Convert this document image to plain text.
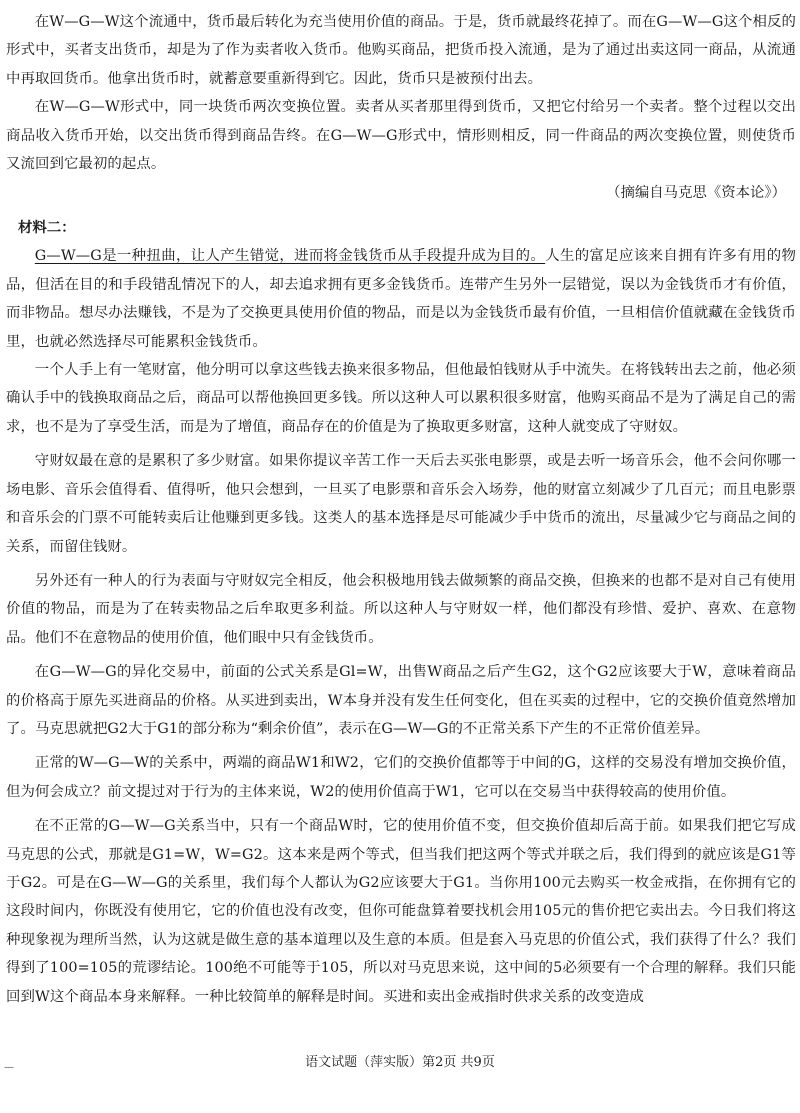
在W—G—W这个流通中，货币最后转化为充当使用价值的商品。于是，货币就最终花掉了。而在G—W—G这个相反的形式中，买者支出货币，却是为了作为卖者收入货币。他购买商品，把货币投入流通，是为了通过出卖这同一商品，从流通中再取回货币。他拿出货币时，就蓄意要重新得到它。因此，货币只是被预付出去。

在W—G—W形式中，同一块货币两次变换位置。卖者从买者那里得到货币，又把它付给另一个卖者。整个过程以交出商品收入货币开始，以交出货币得到商品告终。在G—W—G形式中，情形则相反，同一件商品的两次变换位置，则使货币又流回到它最初的起点。

（摘编自马克思《资本论》）

材料二：

G—W—G是一种扭曲，让人产生错觉，进而将金钱货币从手段提升成为目的。人生的富足应该来自拥有许多有用的物品，但活在目的和手段错乱情况下的人，却去追求拥有更多金钱货币。连带产生另外一层错觉，误以为金钱货币才有价值，而非物品。想尽办法赚钱，不是为了交换更具使用价值的物品，而是以为金钱货币最有价值，一旦相信价值就藏在金钱货币里，也就必然选择尽可能累积金钱货币。

一个人手上有一笔财富，他分明可以拿这些钱去换来很多物品，但他最怕钱财从手中流失。在将钱转出去之前，他必须确认手中的钱换取商品之后，商品可以帮他换回更多钱。所以这种人可以累积很多财富，他购买商品不是为了满足自己的需求，也不是为了享受生活，而是为了增值，商品存在的价值是为了换取更多财富，这种人就变成了守财奴。

守财奴最在意的是累积了多少财富。如果你提议辛苦工作一天后去买张电影票，或是去听一场音乐会，他不会问你哪一场电影、音乐会值得看、值得听，他只会想到，一旦买了电影票和音乐会入场券，他的财富立刻减少了几百元；而且电影票和音乐会的门票不可能转卖后让他赚到更多钱。这类人的基本选择是尽可能减少手中货币的流出，尽量减少它与商品之间的关系，而留住钱财。

另外还有一种人的行为表面与守财奴完全相反，他会积极地用钱去做频繁的商品交换，但换来的也都不是对自己有使用价值的物品，而是为了在转卖物品之后牟取更多利益。所以这种人与守财奴一样，他们都没有珍惜、爱护、喜欢、在意物品。他们不在意物品的使用价值，他们眼中只有金钱货币。

在G—W—G的异化交易中，前面的公式关系是Gl=W，出售W商品之后产生G2，这个G2应该要大于W，意味着商品的价格高于原先买进商品的价格。从买进到卖出，W本身并没有发生任何变化，但在买卖的过程中，它的交换价值竟然增加了。马克思就把G2大于G1的部分称为“剩余价值”，表示在G—W—G的不正常关系下产生的不正常价值差异。

正常的W—G—W的关系中，两端的商品W1和W2，它们的交换价值都等于中间的G，这样的交易没有增加交换价值，但为何会成立？前文提过对于行为的主体来说，W2的使用价值高于W1，它可以在交易当中获得较高的使用价值。

在不正常的G—W—G关系当中，只有一个商品W时，它的使用价值不变，但交换价值却后高于前。如果我们把它写成马克思的公式，那就是G1=W，W=G2。这本来是两个等式，但当我们把这两个等式并联之后，我们得到的就应该是G1等于G2。可是在G—W—G的关系里，我们每个人都认为G2应该要大于G1。当你用100元去购买一枚金戒指，在你拥有它的这段时间内，你既没有使用它，它的价值也没有改变，但你可能盘算着要找机会用105元的售价把它卖出去。今日我们将这种现象视为理所当然，认为这就是做生意的基本道理以及生意的本质。但是套入马克思的价值公式，我们获得了什么？我们得到了100=105的荒谬结论。100绝不可能等于105，所以对马克思来说，这中间的5必须要有一个合理的解释。我们只能回到W这个商品本身来解释。一种比较简单的解释是时间。买进和卖出金戒指时供求关系的改变造成

—	语文试题（萍实版）第2页 共9页
